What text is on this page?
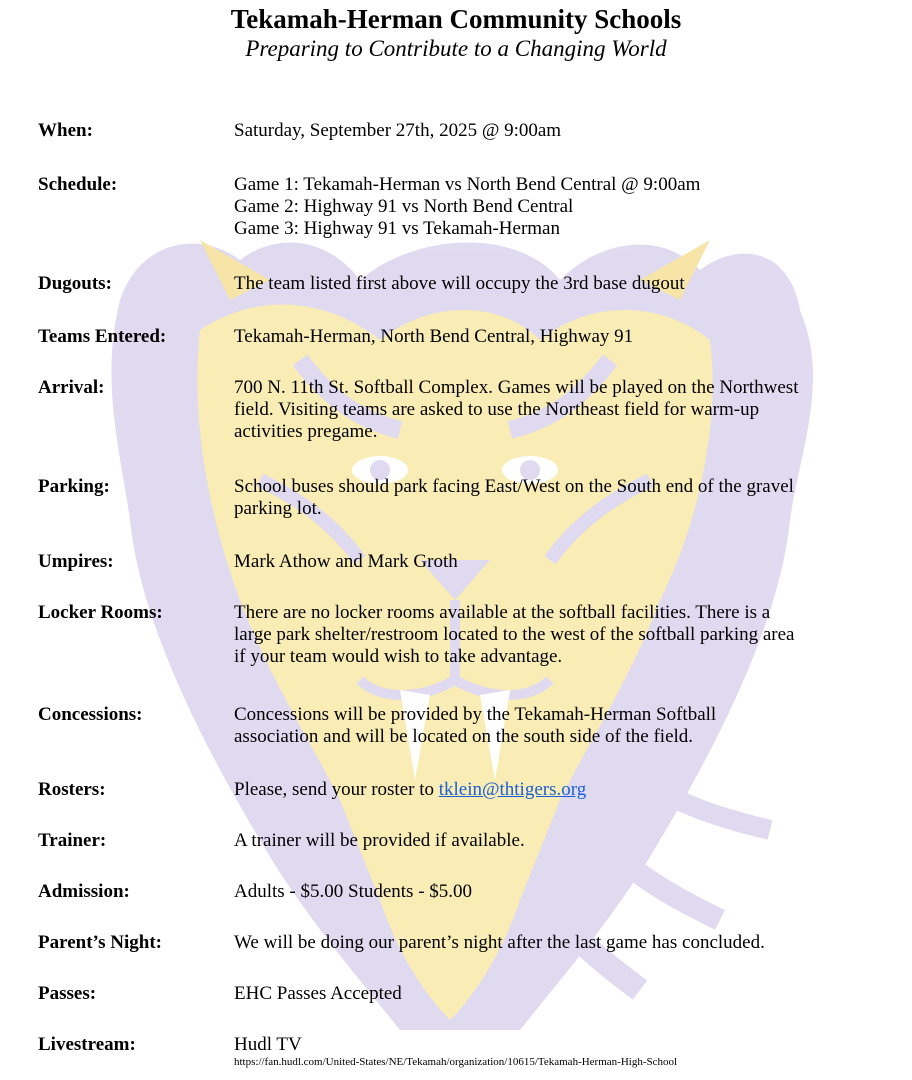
Tekamah-Herman Community Schools
Preparing to Contribute to a Changing World
When:	Saturday, September 27th, 2025 @ 9:00am
Schedule:	Game 1: Tekamah-Herman vs North Bend Central @ 9:00am
Game 2: Highway 91 vs North Bend Central
Game 3: Highway 91 vs Tekamah-Herman
Dugouts:	The team listed first above will occupy the 3rd base dugout
Teams Entered:	Tekamah-Herman, North Bend Central, Highway 91
Arrival:	700 N. 11th St. Softball Complex. Games will be played on the Northwest
field. Visiting teams are asked to use the Northeast field for warm-up
activities pregame.
Parking:	School buses should park facing East/West on the South end of the gravel
parking lot.
Umpires:	Mark Athow and Mark Groth
Locker Rooms:	There are no locker rooms available at the softball facilities. There is a
large park shelter/restroom located to the west of the softball parking area
if your team would wish to take advantage.
Concessions:	Concessions will be provided by the Tekamah-Herman Softball
association and will be located on the south side of the field.
Rosters:	Please, send your roster to tklein@thtigers.org
Trainer:	A trainer will be provided if available.
Admission:	Adults - $5.00 Students - $5.00
Parent’s Night:	We will be doing our parent’s night after the last game has concluded.
Passes:	EHC Passes Accepted
Livestream:	Hudl TV
https://fan.hudl.com/United-States/NE/Tekamah/organization/10615/Tekamah-Herman-High-School
